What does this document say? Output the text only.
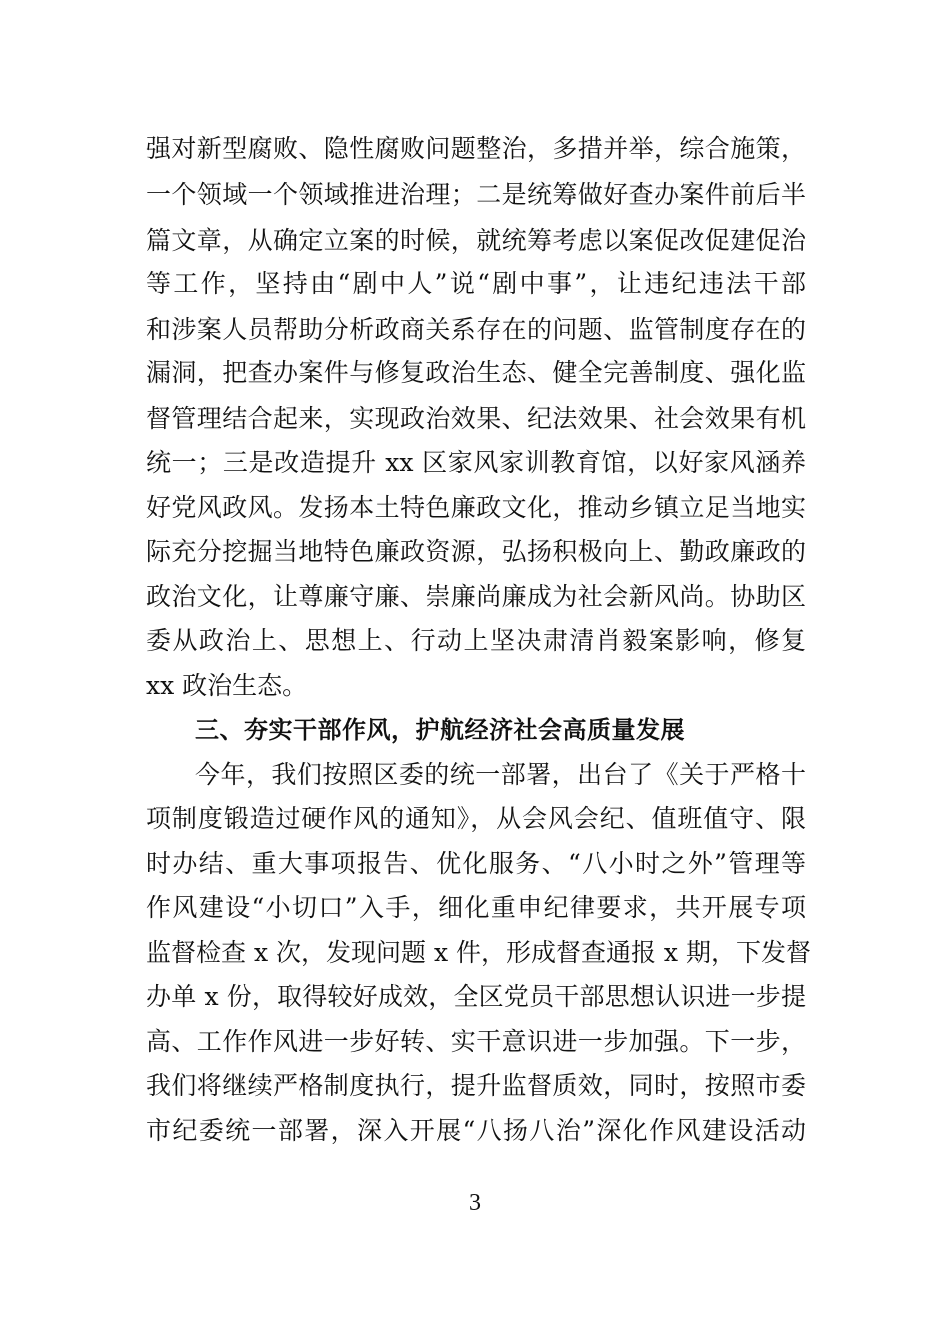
强对新型腐败、隐性腐败问题整治，多措并举，综合施策，
一个领域一个领域推进治理；二是统筹做好查办案件前后半
篇文章，从确定立案的时候，就统筹考虑以案促改促建促治
等工作，坚持由“剧中人”说“剧中事”，让违纪违法干部
和涉案人员帮助分析政商关系存在的问题、监管制度存在的
漏洞，把查办案件与修复政治生态、健全完善制度、强化监
督管理结合起来，实现政治效果、纪法效果、社会效果有机
统一；三是改造提升 xx 区家风家训教育馆，以好家风涵养
好党风政风。发扬本土特色廉政文化，推动乡镇立足当地实
际充分挖掘当地特色廉政资源，弘扬积极向上、勤政廉政的
政治文化，让尊廉守廉、崇廉尚廉成为社会新风尚。协助区
委从政治上、思想上、行动上坚决肃清肖毅案影响，修复
xx 政治生态。
三、夯实干部作风，护航经济社会高质量发展
今年，我们按照区委的统一部署，出台了《关于严格十
项制度锻造过硬作风的通知》，从会风会纪、值班值守、限
时办结、重大事项报告、优化服务、“八小时之外”管理等
作风建设“小切口”入手，细化重申纪律要求，共开展专项
监督检查 x 次，发现问题 x 件，形成督查通报 x 期，下发督
办单 x 份，取得较好成效，全区党员干部思想认识进一步提
高、工作作风进一步好转、实干意识进一步加强。下一步，
我们将继续严格制度执行，提升监督质效，同时，按照市委
市纪委统一部署，深入开展“八扬八治”深化作风建设活动
3
